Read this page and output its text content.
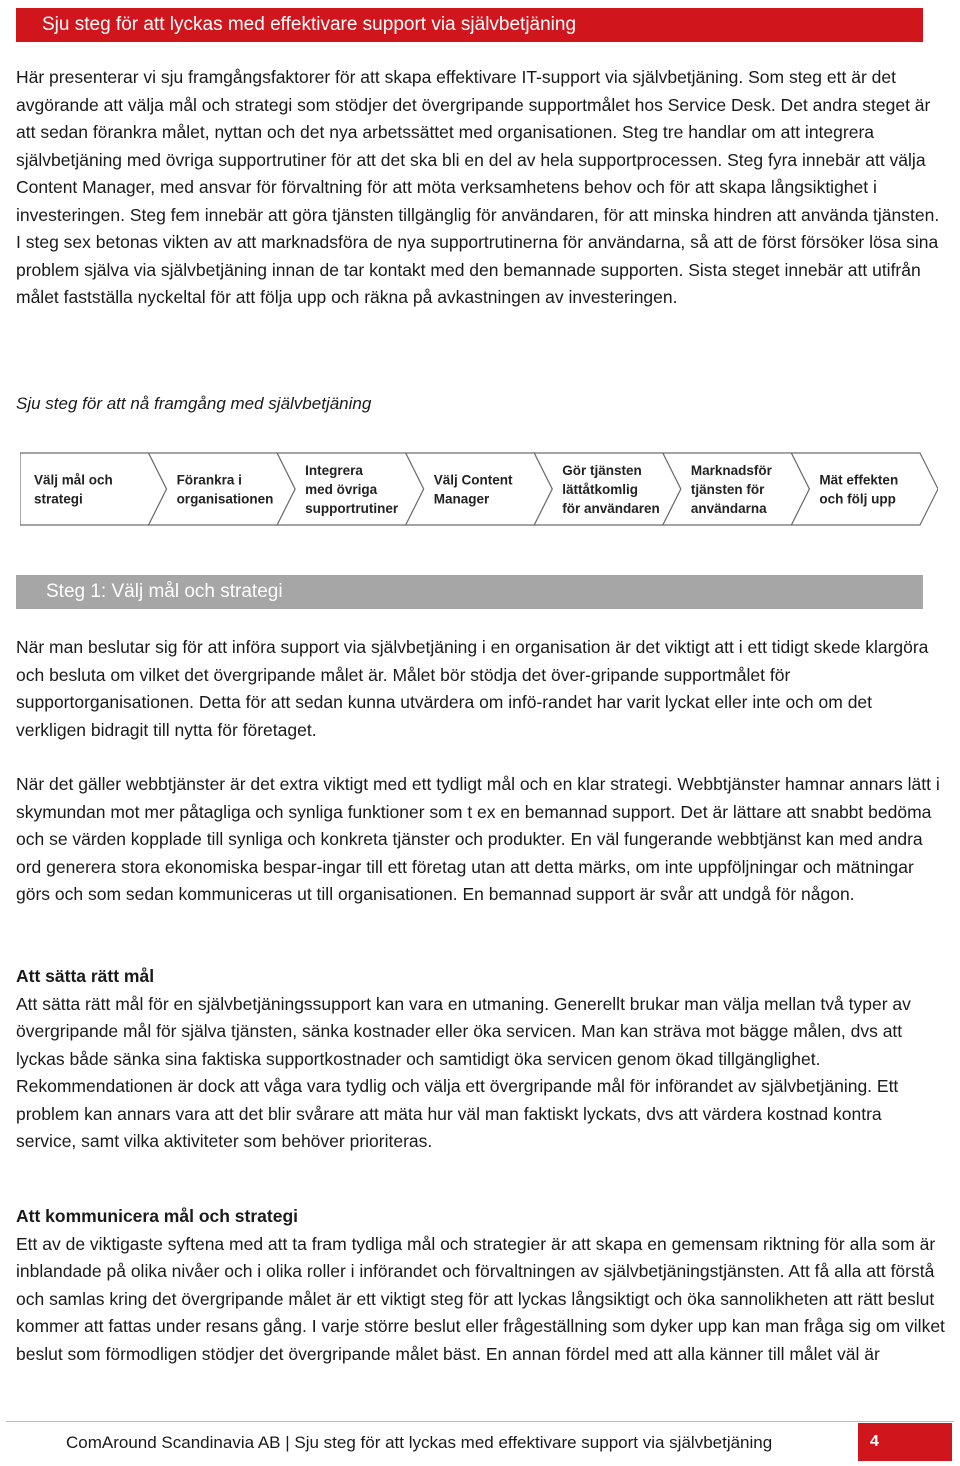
Sju steg för att lyckas med effektivare support via självbetjäning

Här presenterar vi sju framgångsfaktorer för att skapa effektivare IT-support via självbetjäning. Som steg ett är det avgörande att välja mål och strategi som stödjer det övergripande supportmålet hos Service Desk. Det andra steget är att sedan förankra målet, nyttan och det nya arbetssättet med organisationen. Steg tre handlar om att integrera självbetjäning med övriga supportrutiner för att det ska bli en del av hela supportprocessen. Steg fyra innebär att välja Content Manager, med ansvar för förvaltning för att möta verksamhetens behov och för att skapa långsiktighet i investeringen. Steg fem innebär att göra tjänsten tillgänglig för användaren, för att minska hindren att använda tjänsten. I steg sex betonas vikten av att marknadsföra de nya supportrutinerna för användarna, så att de först försöker lösa sina problem själva via självbetjäning innan de tar kontakt med den bemannade supporten. Sista steget innebär att utifrån målet fastställa nyckeltal för att följa upp och räkna på avkastningen av investeringen.

Sju steg för att nå framgång med självbetjäning

Välj mål och strategi
Förankra i organisationen
Integrera med övriga supportrutiner
Välj Content Manager
Gör tjänsten lättåtkomlig för användaren
Marknadsför tjänsten för användarna
Mät effekten och följ upp
Steg 1: Välj mål och strategi

När man beslutar sig för att införa support via självbetjäning i en organisation är det viktigt att i ett tidigt skede klargöra och besluta om vilket det övergripande målet är. Målet bör stödja det över-gripande supportmålet för supportorganisationen. Detta för att sedan kunna utvärdera om infö-randet har varit lyckat eller inte och om det verkligen bidragit till nytta för företaget.

När det gäller webbtjänster är det extra viktigt med ett tydligt mål och en klar strategi. Webbtjänster hamnar annars lätt i skymundan mot mer påtagliga och synliga funktioner som t ex en bemannad support. Det är lättare att snabbt bedöma och se värden kopplade till synliga och konkreta tjänster och produkter. En väl fungerande webbtjänst kan med andra ord generera stora ekonomiska bespar-ingar till ett företag utan att detta märks, om inte uppföljningar och mätningar görs och som sedan kommuniceras ut till organisationen. En bemannad support är svår att undgå för någon.

Att sätta rätt mål
Att sätta rätt mål för en självbetjäningssupport kan vara en utmaning. Generellt brukar man välja mellan två typer av övergripande mål för själva tjänsten, sänka kostnader eller öka servicen. Man kan sträva mot bägge målen, dvs att lyckas både sänka sina faktiska supportkostnader och samtidigt öka servicen genom ökad tillgänglighet. Rekommendationen är dock att våga vara tydlig och välja ett övergripande mål för införandet av självbetjäning. Ett problem kan annars vara att det blir svårare att mäta hur väl man faktiskt lyckats, dvs att värdera kostnad kontra service, samt vilka aktiviteter som behöver prioriteras.
Att kommunicera mål och strategi
Ett av de viktigaste syftena med att ta fram tydliga mål och strategier är att skapa en gemensam riktning för alla som är inblandade på olika nivåer och i olika roller i införandet och förvaltningen av självbetjäningstjänsten. Att få alla att förstå och samlas kring det övergripande målet är ett viktigt steg för att lyckas långsiktigt och öka sannolikheten att rätt beslut kommer att fattas under resans gång. I varje större beslut eller frågeställning som dyker upp kan man fråga sig om vilket beslut som förmodligen stödjer det övergripande målet bäst. En annan fördel med att alla känner till målet väl är
ComAround Scandinavia AB | Sju steg för att lyckas med effektivare support via självbetjäning	4
